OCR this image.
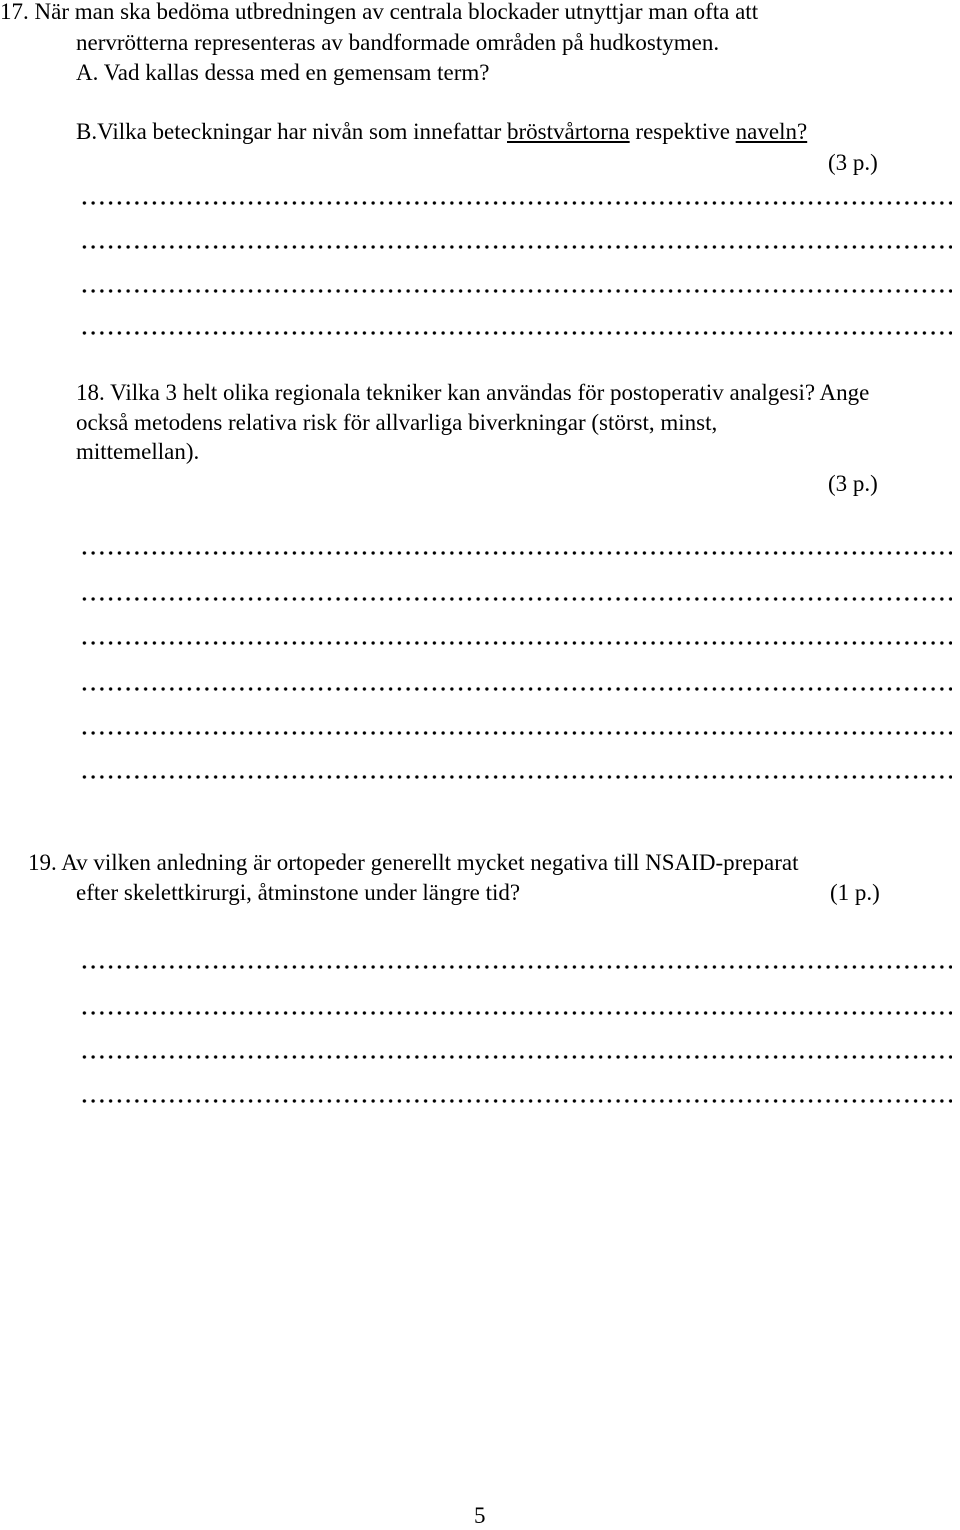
17. När man ska bedöma utbredningen av centrala blockader utnyttjar man ofta att
nervrötterna representeras av bandformade områden på hudkostymen.
A. Vad kallas dessa med en gemensam term?
B.Vilka beteckningar har nivån som innefattar bröstvårtorna respektive naveln?
(3 p.)
18. Vilka 3 helt olika regionala tekniker kan användas för postoperativ analgesi? Ange
också metodens relativa risk för allvarliga biverkningar (störst, minst,
mittemellan).
(3 p.)
19. Av vilken anledning är ortopeder generellt mycket negativa till NSAID-preparat
efter skelettkirurgi, åtminstone under längre tid?	(1 p.)
5
